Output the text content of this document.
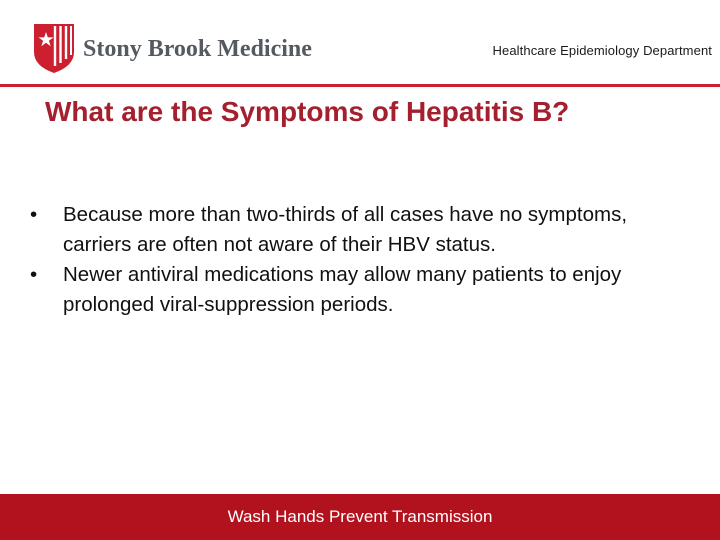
Stony Brook Medicine	Healthcare Epidemiology Department
What are the Symptoms of Hepatitis B?
•	Because more than two-thirds of all cases have no symptoms, carriers are often not aware of their HBV status.
•	Newer antiviral medications may allow many patients to enjoy prolonged viral-suppression periods.
Wash Hands Prevent Transmission
